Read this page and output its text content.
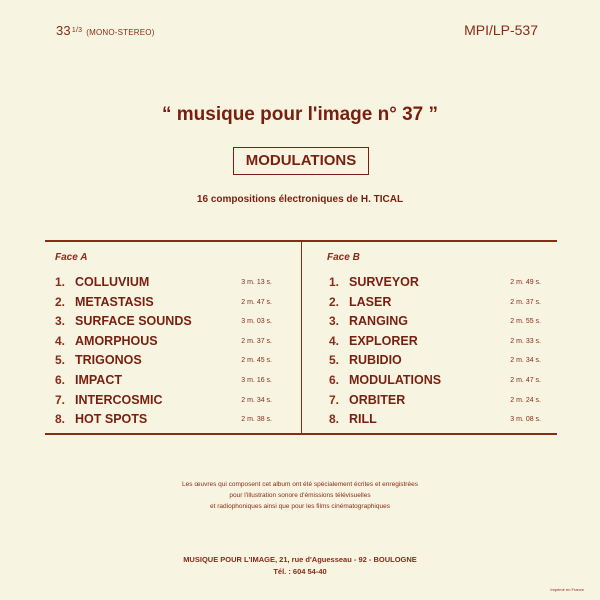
$33^{1/3}$ (MONO-STEREO)	MPI/LP-537
“ musique pour l'image n° 37 ”
MODULATIONS
16 compositions électroniques de H. TICAL
Face A	Face B
1. COLLUVIUM	3 m. 13 s.
2. METASTASIS	2 m. 47 s.
3. SURFACE SOUNDS	3 m. 03 s.
4. AMORPHOUS	2 m. 37 s.
5. TRIGONOS	2 m. 45 s.
6. IMPACT	3 m. 16 s.
7. INTERCOSMIC	2 m. 34 s.
8. HOT SPOTS	2 m. 38 s.
1. SURVEYOR	2 m. 49 s.
2. LASER	2 m. 37 s.
3. RANGING	2 m. 55 s.
4. EXPLORER	2 m. 33 s.
5. RUBIDIO	2 m. 34 s.
6. MODULATIONS	2 m. 47 s.
7. ORBITER	2 m. 24 s.
8. RILL	3 m. 08 s.
Les œuvres qui composent cet album ont été spécialement écrites et enregistrées
pour l'illustration sonore d'émissions télévisuelles
et radiophoniques ainsi que pour les films cinématographiques
MUSIQUE POUR L'IMAGE, 21, rue d'Aguesseau - 92 - BOULOGNE
Tél. : 604 54-40
Imprimé en France
